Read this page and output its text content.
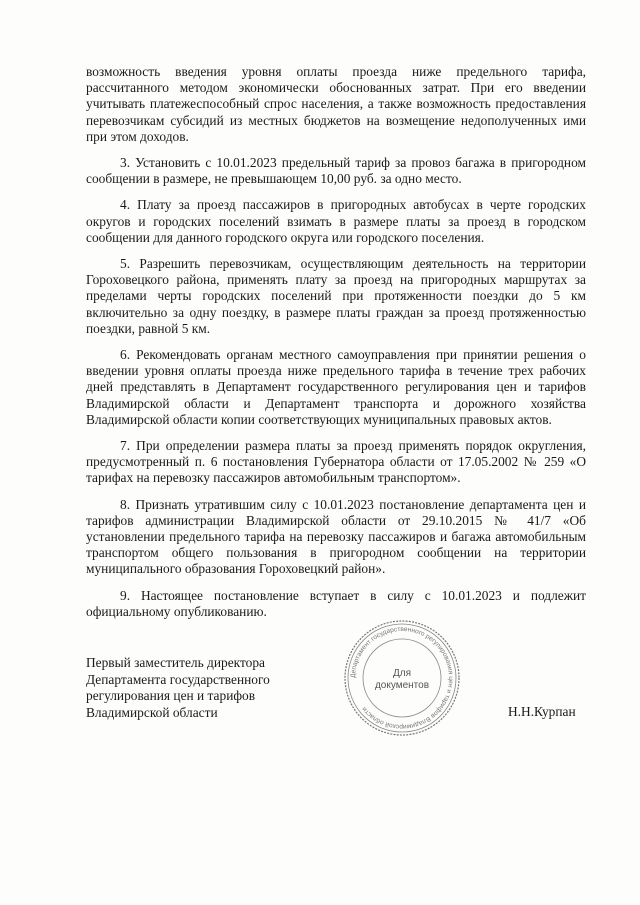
возможность введения уровня оплаты проезда ниже предельного тарифа, рассчитанного методом экономически обоснованных затрат. При его введении учитывать платежеспособный спрос населения, а также возможность предоставления перевозчикам субсидий из местных бюджетов на возмещение недополученных ими при этом доходов.

3. Установить с 10.01.2023 предельный тариф за провоз багажа в пригородном сообщении в размере, не превышающем 10,00 руб. за одно место.

4. Плату за проезд пассажиров в пригородных автобусах в черте городских округов и городских поселений взимать в размере платы за проезд в городском сообщении для данного городского округа или городского поселения.

5. Разрешить перевозчикам, осуществляющим деятельность на территории Гороховецкого района, применять плату за проезд на пригородных маршрутах за пределами черты городских поселений при протяженности поездки до 5 км включительно за одну поездку, в размере платы граждан за проезд протяженностью поездки, равной 5 км.

6. Рекомендовать органам местного самоуправления при принятии решения о введении уровня оплаты проезда ниже предельного тарифа в течение трех рабочих дней представлять в Департамент государственного регулирования цен и тарифов Владимирской области и Департамент транспорта и дорожного хозяйства Владимирской области копии соответствующих муниципальных правовых актов.

7. При определении размера платы за проезд применять порядок округления, предусмотренный п. 6 постановления Губернатора области от 17.05.2002 № 259 «О тарифах на перевозку пассажиров автомобильным транспортом».

8. Признать утратившим силу с 10.01.2023 постановление департамента цен и тарифов администрации Владимирской области от 29.10.2015 № 41/7 «Об установлении предельного тарифа на перевозку пассажиров и багажа автомобильным транспортом общего пользования в пригородном сообщении на территории муниципального образования Гороховецкий район».

9. Настоящее постановление вступает в силу с 10.01.2023 и подлежит официальному опубликованию.

Первый заместитель директора
Департамента государственного
регулирования цен и тарифов
Владимирской области
Департамент государственного регулирования цен и тарифов Владимирской области
Для
документов
Н.Н.Курпан
